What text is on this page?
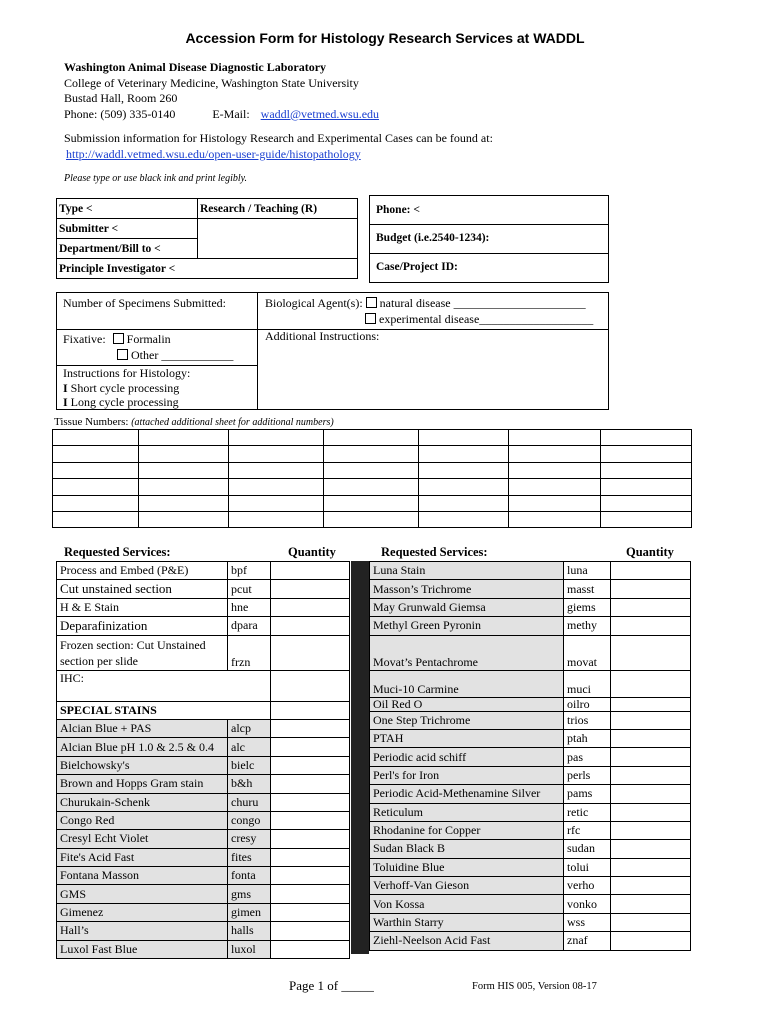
Accession Form for Histology Research Services at WADDL
Washington Animal Disease Diagnostic Laboratory
College of Veterinary Medicine, Washington State University
Bustad Hall, Room 260
Phone: (509) 335-0140	E-Mail: waddl@vetmed.wsu.edu
Submission information for Histology Research and Experimental Cases can be found at:
http://waddl.vetmed.wsu.edu/open-user-guide/histopathology
Please type or use black ink and print legibly.
Type <	Research / Teaching (R)
Submitter <	
Department/Bill to <	
Principle Investigator <	
Phone: <
Budget (i.e.2540-1234):
Case/Project ID:
Number of Specimens Submitted:	Biological Agent(s): natural disease ______________________
experimental disease___________________
Fixative: Formalin
Other ____________
Additional Instructions:
Instructions for Histology:
I Short cycle processing
I Long cycle processing
Tissue Numbers: (attached additional sheet for additional numbers)

Requested Services:	Quantity	Requested Services:	Quantity
Process and Embed (P&E)	bpf	
Cut unstained section	pcut	
H & E Stain	hne	
Deparafinization	dpara	

Frozen section: Cut Unstained
section per slide	frzn	
IHC:		
SPECIAL STAINS		
Alcian Blue + PAS	alcp	
Alcian Blue pH 1.0 & 2.5 & 0.4	alc	
Bielchowsky's	bielc	
Brown and Hopps Gram stain	b&h	
Churukain-Schenk	churu	
Congo Red	congo	
Cresyl Echt Violet	cresy	
Fite's Acid Fast	fites	
Fontana Masson	fonta	
GMS	gms	
Gimenez	gimen	
Hall’s	halls	
Luxol Fast Blue	luxol	
Luna Stain	luna	
Masson’s Trichrome	masst	
May Grunwald Giemsa	giems	
Methyl Green Pyronin	methy	
Movat’s Pentachrome	movat	
Muci-10 Carmine	muci	
Oil Red O	oilro	
One Step Trichrome	trios	
PTAH	ptah	
Periodic acid schiff	pas	
Perl's for Iron	perls	
Periodic Acid-Methenamine Silver	pams	
Reticulum	retic	
Rhodanine for Copper	rfc	
Sudan Black B	sudan	
Toluidine Blue	tolui	
Verhoff-Van Gieson	verho	
Von Kossa	vonko	
Warthin Starry	wss	
Ziehl-Neelson Acid Fast	znaf	
Page 1 of _____	Form HIS 005, Version 08-17
